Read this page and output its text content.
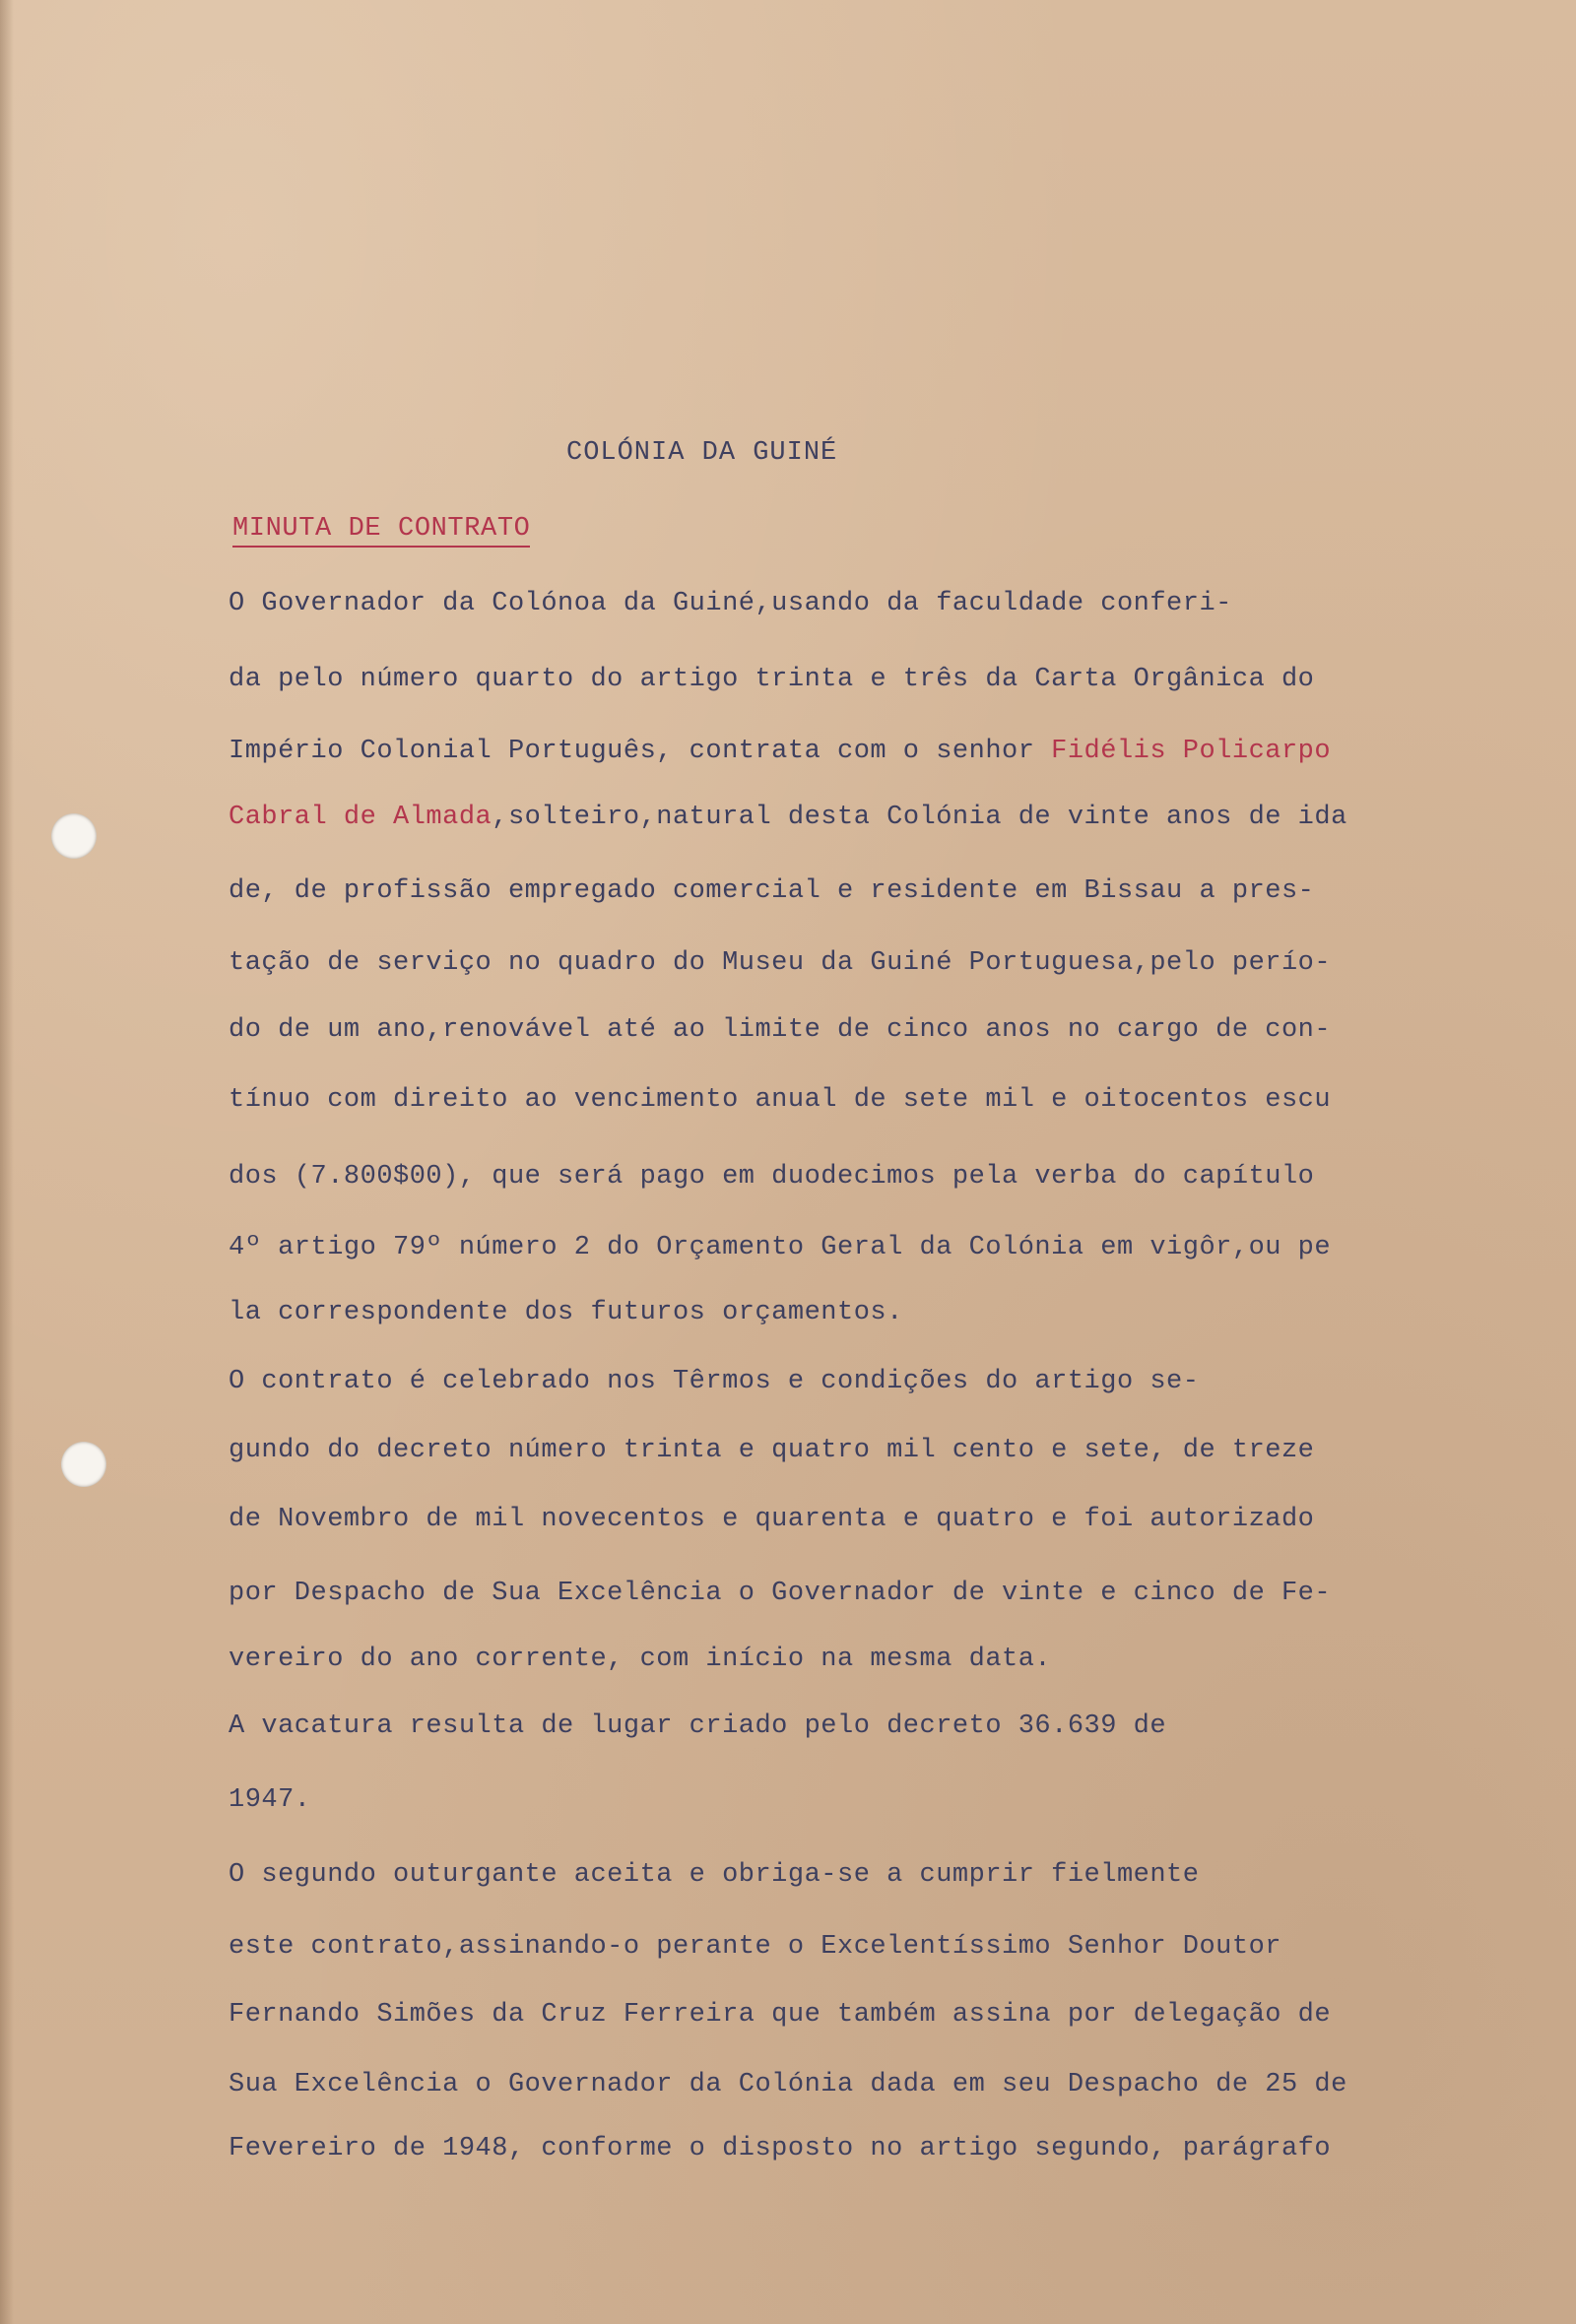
COLÓNIA DA GUINÉ
MINUTA DE CONTRATO
O Governador da Colónoa da Guiné,usando da faculdade conferi-
da pelo número quarto do artigo trinta e três da Carta Orgânica do
Império Colonial Português, contrata com o senhor Fidélis Policarpo
Cabral de Almada,solteiro,natural desta Colónia de vinte anos de ida
de, de profissão empregado comercial e residente em Bissau a pres-
tação de serviço no quadro do Museu da Guiné Portuguesa,pelo perío-
do de um ano,renovável até ao limite de cinco anos no cargo de con-
tínuo com direito ao vencimento anual de sete mil e oitocentos escu
dos (7.800$00), que será pago em duodecimos pela verba do capítulo
4º artigo 79º número 2 do Orçamento Geral da Colónia em vigôr,ou pe
la correspondente dos futuros orçamentos.
O contrato é celebrado nos Têrmos e condições do artigo se-
gundo do decreto número trinta e quatro mil cento e sete, de treze
de Novembro de mil novecentos e quarenta e quatro e foi autorizado
por Despacho de Sua Excelência o Governador de vinte e cinco de Fe-
vereiro do ano corrente, com início na mesma data.
A vacatura resulta de lugar criado pelo decreto 36.639 de
1947.
O segundo outurgante aceita e obriga-se a cumprir fielmente
este contrato,assinando-o perante o Excelentíssimo Senhor Doutor
Fernando Simões da Cruz Ferreira que também assina por delegação de
Sua Excelência o Governador da Colónia dada em seu Despacho de 25 de
Fevereiro de 1948, conforme o disposto no artigo segundo, parágrafo
